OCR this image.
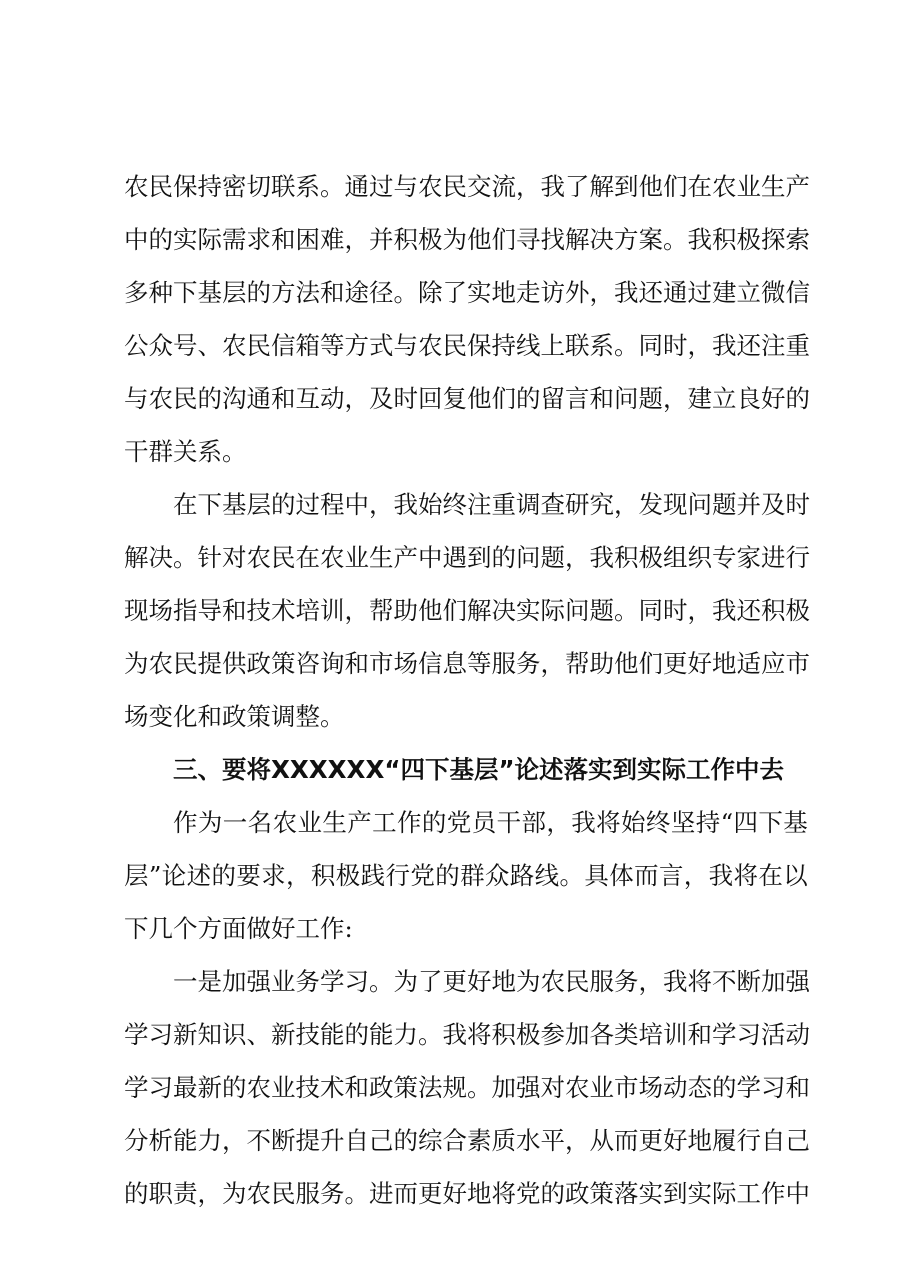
农 民 保 持 密 切 联 系 。 通 过 与 农 民 交 流 ， 我 了 解 到 他 们 在 农 业 生 产
中 的 实 际 需 求 和 困 难 ， 并 积 极 为 他 们 寻 找 解 决 方 案 。 我 积 极 探 索
多 种 下 基 层 的 方 法 和 途 径 。 除 了 实 地 走 访 外 ， 我 还 通 过 建 立 微 信
公 众 号 、 农 民 信 箱 等 方 式 与 农 民 保 持 线 上 联 系 。 同 时 ， 我 还 注 重
与 农 民 的 沟 通 和 互 动 ， 及 时 回 复 他 们 的 留 言 和 问 题 ， 建 立 良 好 的
干群关系。
在 下 基 层 的 过 程 中 ， 我 始 终 注 重 调 查 研 究 ， 发 现 问 题 并 及 时
解 决 。 针 对 农 民 在 农 业 生 产 中 遇 到 的 问 题 ， 我 积 极 组 织 专 家 进 行
现 场 指 导 和 技 术 培 训 ， 帮 助 他 们 解 决 实 际 问 题 。 同 时 ， 我 还 积 极
为 农 民 提 供 政 策 咨 询 和 市 场 信 息 等 服 务 ， 帮 助 他 们 更 好 地 适 应 市
场变化和政策调整。
三、要将XXXXXX“四下基层”论述落实到实际工作中去
作 为 一 名 农 业 生 产 工 作 的 党 员 干 部 ， 我 将 始 终 坚 持 “ 四 下 基
层 ” 论 述 的 要 求 ， 积 极 践 行 党 的 群 众 路 线 。 具 体 而 言 ， 我 将 在 以
下几个方面做好工作:
一 是 加 强 业 务 学 习 。 为 了 更 好 地 为 农 民 服 务 ， 我 将 不 断 加 强
学 习 新 知 识 、 新 技 能 的 能 力 。 我 将 积 极 参 加 各 类 培 训 和 学 习 活 动
学 习 最 新 的 农 业 技 术 和 政 策 法 规 。 加 强 对 农 业 市 场 动 态 的 学 习 和
分 析 能 力 ， 不 断 提 升 自 己 的 综 合 素 质 水 平 ， 从 而 更 好 地 履 行 自 己
的 职 责 ， 为 农 民 服 务 。 进 而 更 好 地 将 党 的 政 策 落 实 到 实 际 工 作 中
